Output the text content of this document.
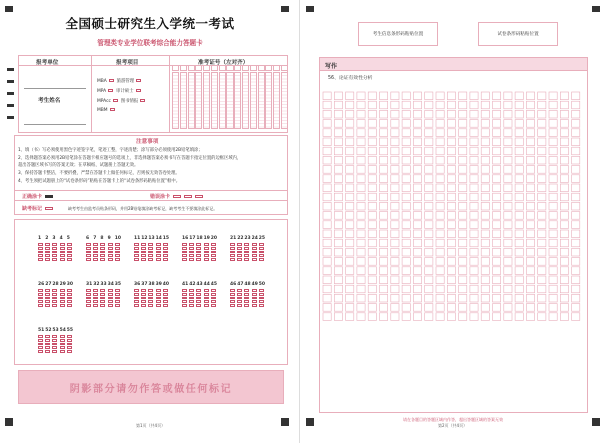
全国硕士研究生入学统一考试
管理类专业学位联考综合能力答题卡
报考单位
考生姓名
报考项目
MBA 旅游管理
MPA 审计硕士
MPAcc 图书情报
MBM
准考证号（左对齐）
注意事项
1、填（书）写必须使用黑色字迹签字笔，笔迹工整，字迹清楚；涂写部分必须使用2B铅笔填涂；
2、选择题答案必须用2B铅笔涂在答题卡相应题号的选项上，非选择题答案必须书写在答题卡指定位置的边框区域内，
超出答题区域书写的答案无效；在草稿纸、试题册上答题无效。
3、保持答题卡整洁，不要折叠，严禁在答题卡上做任何标记，否则按无效答卷处理。
4、考生须把试题册上的“试卷条形码”粘贴在答题卡上的“试卷条形码粘贴位置”框中。
正确涂卡	错误涂卡
缺考标记	缺考考生由监考员贴条形码，并用2B铅笔填涂缺考标记，缺考考生不要填涂此标记。
1 2 3 4 5	6 7 8 9 10	1112131415	1617181920	2122232425
2627282930	3132333435	3637383940	4142434445	4647484950
5152535455
阴影部分请勿作答或做任何标记
第1页（共4页）
考生信息条形码粘贴位置	试卷条形码粘贴位置
写作
56、论证有效性分析
请在各题目的答题区域内作答，超出答题区域的答案无效
第2页（共4页）
